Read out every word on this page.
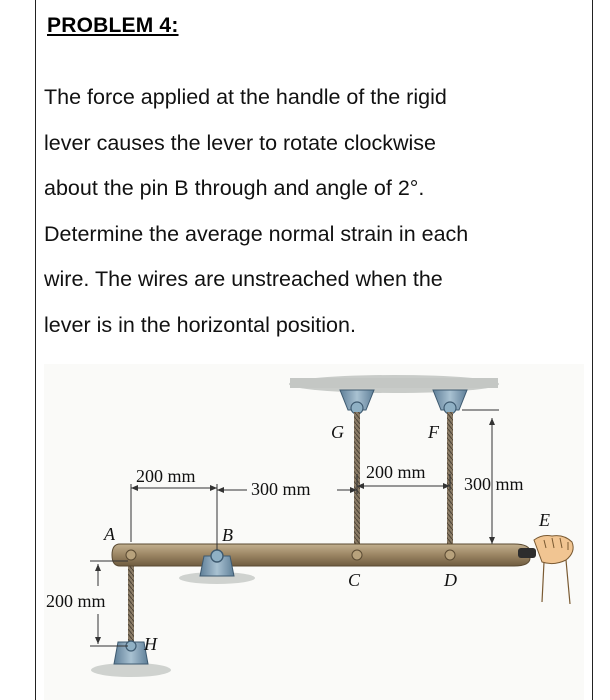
PROBLEM 4:
The force applied at the handle of the rigid
lever causes the lever to rotate clockwise
about the pin B through and angle of 2°.
Determine the average normal strain in each
wire. The wires are unstreached when the
lever is in the horizontal position.
200 mm
300 mm
200 mm
300 mm
200 mm
A	B
C	D
E
F
G
H
